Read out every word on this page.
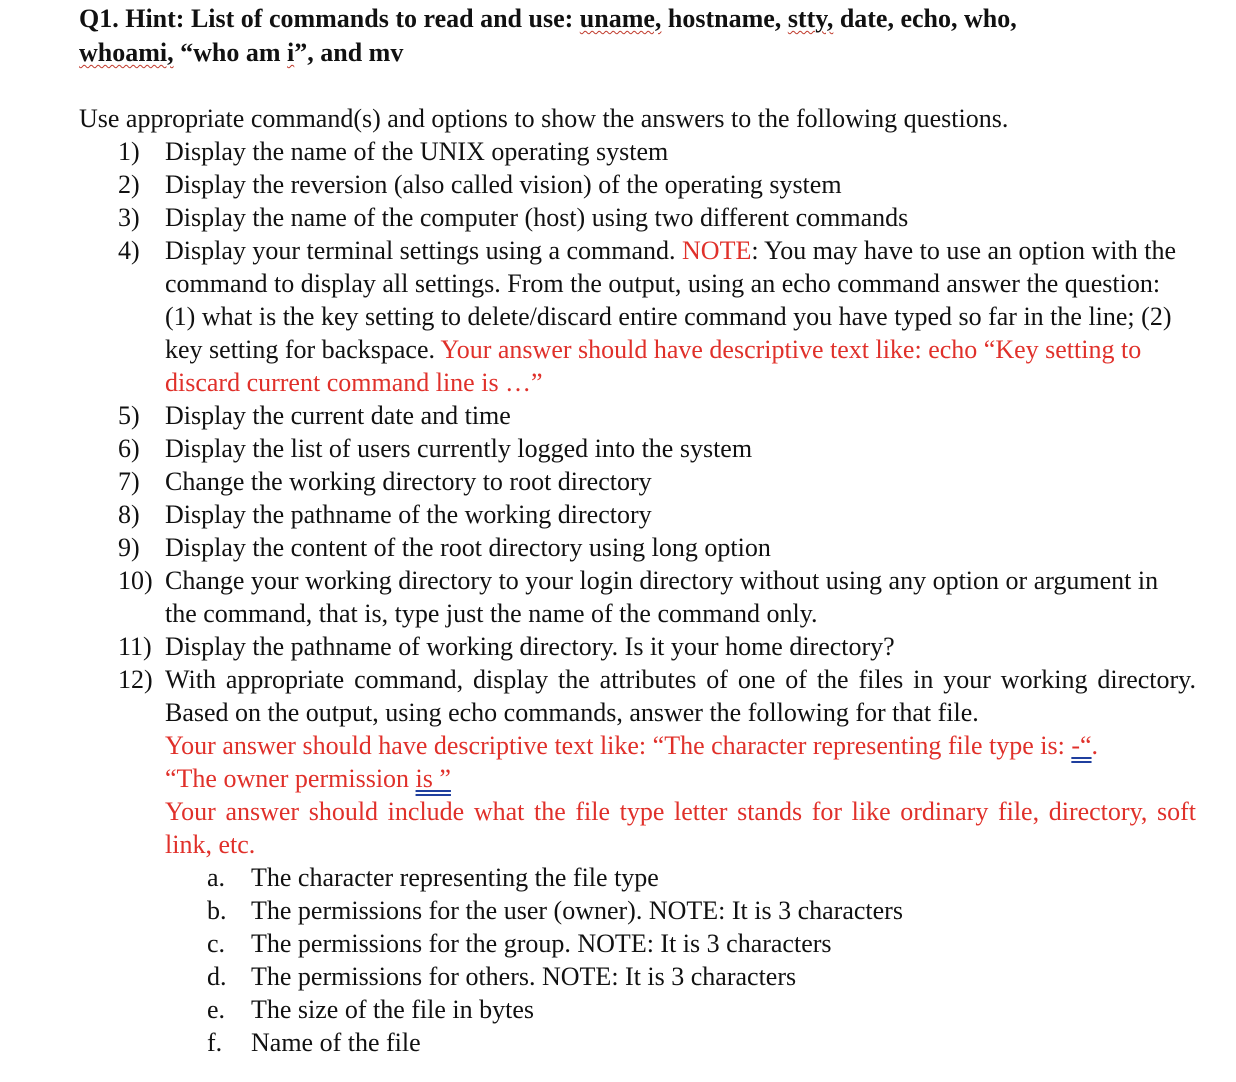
Q1. Hint: List of commands to read and use: uname, hostname, stty, date, echo, who,
whoami, “who am i”, and mv
Use appropriate command(s) and options to show the answers to the following questions.
1) Display the name of the UNIX operating system
2) Display the reversion (also called vision) of the operating system
3) Display the name of the computer (host) using two different commands
4) Display your terminal settings using a command. NOTE: You may have to use an option with the command to display all settings. From the output, using an echo command answer the question: (1) what is the key setting to delete/discard entire command you have typed so far in the line; (2) key setting for backspace. Your answer should have descriptive text like: echo “Key setting to discard current command line is …”
5) Display the current date and time
6) Display the list of users currently logged into the system
7) Change the working directory to root directory
8) Display the pathname of the working directory
9) Display the content of the root directory using long option
10) Change your working directory to your login directory without using any option or argument in the command, that is, type just the name of the command only.
11) Display the pathname of working directory. Is it your home directory?
12) With appropriate command, display the attributes of one of the files in your working directory. Based on the output, using echo commands, answer the following for that file.
Your answer should have descriptive text like: “The character representing file type is: -“.
“The owner permission is ”
Your answer should include what the file type letter stands for like ordinary file, directory, soft link, etc.
a. The character representing the file type
b. The permissions for the user (owner). NOTE: It is 3 characters
c. The permissions for the group. NOTE: It is 3 characters
d. The permissions for others. NOTE: It is 3 characters
e. The size of the file in bytes
f. Name of the file
